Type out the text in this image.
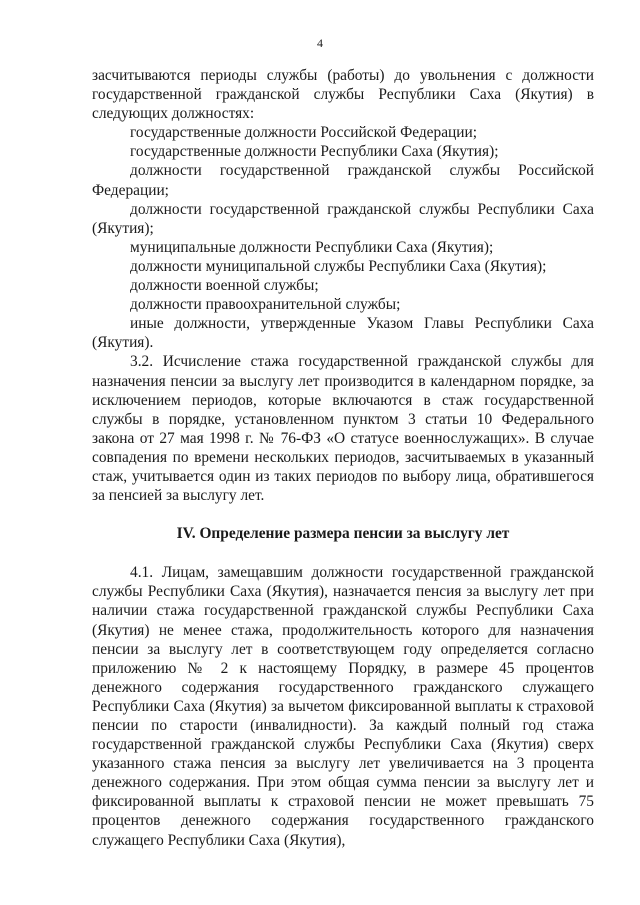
4

засчитываются периоды службы (работы) до увольнения с должности государственной гражданской службы Республики Саха (Якутия) в следующих должностях:

государственные должности Российской Федерации;

государственные должности Республики Саха (Якутия);

должности государственной гражданской службы Российской Федерации;

должности государственной гражданской службы Республики Саха (Якутия);

муниципальные должности Республики Саха (Якутия);

должности муниципальной службы Республики Саха (Якутия);

должности военной службы;

должности правоохранительной службы;

иные должности, утвержденные Указом Главы Республики Саха (Якутия).

3.2. Исчисление стажа государственной гражданской службы для назначения пенсии за выслугу лет производится в календарном порядке, за исключением периодов, которые включаются в стаж государственной службы в порядке, установленном пунктом 3 статьи 10 Федерального закона от 27 мая 1998 г. № 76-ФЗ «О статусе военнослужащих». В случае совпадения по времени нескольких периодов, засчитываемых в указанный стаж, учитывается один из таких периодов по выбору лица, обратившегося за пенсией за выслугу лет.

IV. Определение размера пенсии за выслугу лет

4.1. Лицам, замещавшим должности государственной гражданской службы Республики Саха (Якутия), назначается пенсия за выслугу лет при наличии стажа государственной гражданской службы Республики Саха (Якутия) не менее стажа, продолжительность которого для назначения пенсии за выслугу лет в соответствующем году определяется согласно приложению № 2 к настоящему Порядку, в размере 45 процентов денежного содержания государственного гражданского служащего Республики Саха (Якутия) за вычетом фиксированной выплаты к страховой пенсии по старости (инвалидности). За каждый полный год стажа государственной гражданской службы Республики Саха (Якутия) сверх указанного стажа пенсия за выслугу лет увеличивается на 3 процента денежного содержания. При этом общая сумма пенсии за выслугу лет и фиксированной выплаты к страховой пенсии не может превышать 75 процентов денежного содержания государственного гражданского служащего Республики Саха (Якутия),
